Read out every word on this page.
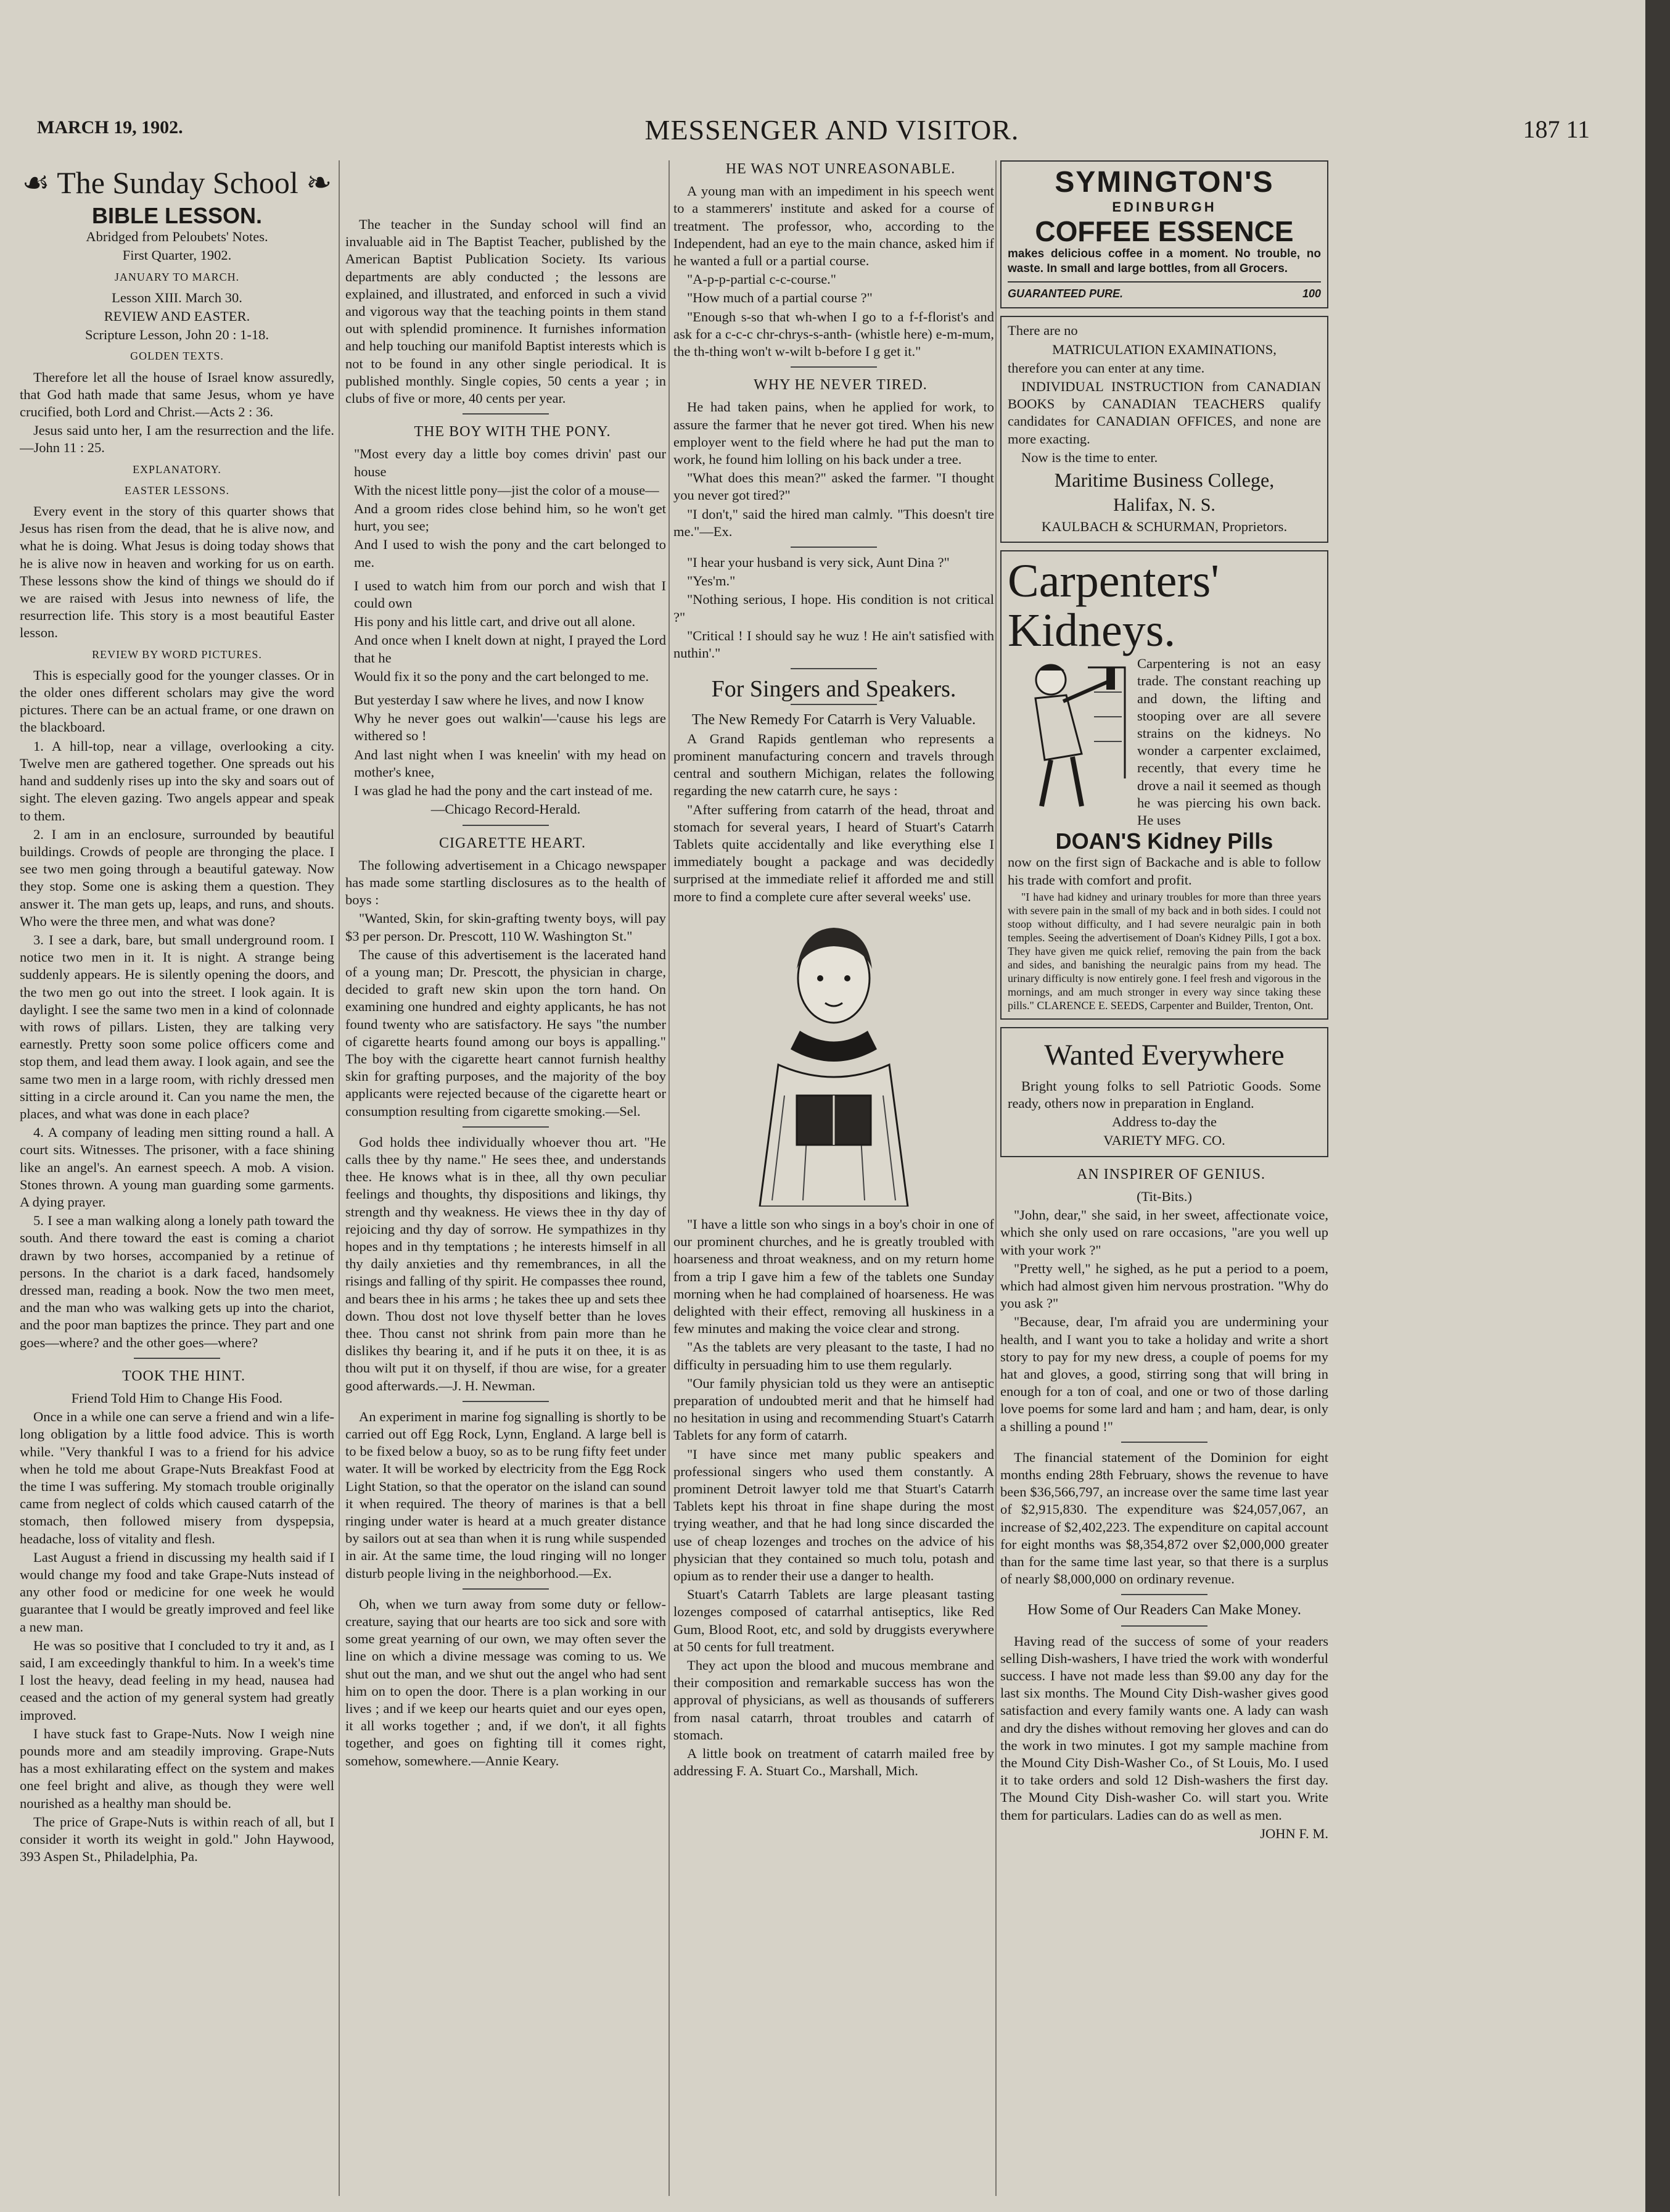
MARCH 19, 1902.	MESSENGER AND VISITOR.	187 11
☙ The Sunday School ❧
BIBLE LESSON.

Abridged from Peloubets' Notes.

First Quarter, 1902.

JANUARY TO MARCH.

Lesson XIII. March 30.

REVIEW AND EASTER.

Scripture Lesson, John 20 : 1-18.

GOLDEN TEXTS.

Therefore let all the house of Israel know assuredly, that God hath made that same Jesus, whom ye have crucified, both Lord and Christ.—Acts 2 : 36.

Jesus said unto her, I am the resurrection and the life.—John 11 : 25.

EXPLANATORY.

EASTER LESSONS.

Every event in the story of this quarter shows that Jesus has risen from the dead, that he is alive now, and what he is doing. What Jesus is doing today shows that he is alive now in heaven and working for us on earth. These lessons show the kind of things we should do if we are raised with Jesus into newness of life, the resurrection life. This story is a most beautiful Easter lesson.

REVIEW BY WORD PICTURES.

This is especially good for the younger classes. Or in the older ones different scholars may give the word pictures. There can be an actual frame, or one drawn on the blackboard.

1. A hill-top, near a village, overlooking a city. Twelve men are gathered together. One spreads out his hand and suddenly rises up into the sky and soars out of sight. The eleven gazing. Two angels appear and speak to them.

2. I am in an enclosure, surrounded by beautiful buildings. Crowds of people are thronging the place. I see two men going through a beautiful gateway. Now they stop. Some one is asking them a question. They answer it. The man gets up, leaps, and runs, and shouts. Who were the three men, and what was done?

3. I see a dark, bare, but small underground room. I notice two men in it. It is night. A strange being suddenly appears. He is silently opening the doors, and the two men go out into the street. I look again. It is daylight. I see the same two men in a kind of colonnade with rows of pillars. Listen, they are talking very earnestly. Pretty soon some police officers come and stop them, and lead them away. I look again, and see the same two men in a large room, with richly dressed men sitting in a circle around it. Can you name the men, the places, and what was done in each place?

4. A company of leading men sitting round a hall. A court sits. Witnesses. The prisoner, with a face shining like an angel's. An earnest speech. A mob. A vision. Stones thrown. A young man guarding some garments. A dying prayer.

5. I see a man walking along a lonely path toward the south. And there toward the east is coming a chariot drawn by two horses, accompanied by a retinue of persons. In the chariot is a dark faced, handsomely dressed man, reading a book. Now the two men meet, and the man who was walking gets up into the chariot, and the poor man baptizes the prince. They part and one goes—where? and the other goes—where?

TOOK THE HINT.

Friend Told Him to Change His Food.

Once in a while one can serve a friend and win a life-long obligation by a little food advice. This is worth while. "Very thankful I was to a friend for his advice when he told me about Grape-Nuts Breakfast Food at the time I was suffering. My stomach trouble originally came from neglect of colds which caused catarrh of the stomach, then followed misery from dyspepsia, headache, loss of vitality and flesh.

Last August a friend in discussing my health said if I would change my food and take Grape-Nuts instead of any other food or medicine for one week he would guarantee that I would be greatly improved and feel like a new man.

He was so positive that I concluded to try it and, as I said, I am exceedingly thankful to him. In a week's time I lost the heavy, dead feeling in my head, nausea had ceased and the action of my general system had greatly improved.

I have stuck fast to Grape-Nuts. Now I weigh nine pounds more and am steadily improving. Grape-Nuts has a most exhilarating effect on the system and makes one feel bright and alive, as though they were well nourished as a healthy man should be.

The price of Grape-Nuts is within reach of all, but I consider it worth its weight in gold." John Haywood, 393 Aspen St., Philadelphia, Pa.

The teacher in the Sunday school will find an invaluable aid in The Baptist Teacher, published by the American Baptist Publication Society. Its various departments are ably conducted ; the lessons are explained, and illustrated, and enforced in such a vivid and vigorous way that the teaching points in them stand out with splendid prominence. It furnishes information and help touching our manifold Baptist interests which is not to be found in any other single periodical. It is published monthly. Single copies, 50 cents a year ; in clubs of five or more, 40 cents per year.

THE BOY WITH THE PONY.

"Most every day a little boy comes drivin' past our house

With the nicest little pony—jist the color of a mouse—

And a groom rides close behind him, so he won't get hurt, you see;

And I used to wish the pony and the cart belonged to me.

I used to watch him from our porch and wish that I could own

His pony and his little cart, and drive out all alone.

And once when I knelt down at night, I prayed the Lord that he

Would fix it so the pony and the cart belonged to me.

But yesterday I saw where he lives, and now I know

Why he never goes out walkin'—'cause his legs are withered so !

And last night when I was kneelin' with my head on mother's knee,

I was glad he had the pony and the cart instead of me.

—Chicago Record-Herald.

CIGARETTE HEART.

The following advertisement in a Chicago newspaper has made some startling disclosures as to the health of boys :

"Wanted, Skin, for skin-grafting twenty boys, will pay $3 per person. Dr. Prescott, 110 W. Washington St."

The cause of this advertisement is the lacerated hand of a young man; Dr. Prescott, the physician in charge, decided to graft new skin upon the torn hand. On examining one hundred and eighty applicants, he has not found twenty who are satisfactory. He says "the number of cigarette hearts found among our boys is appalling." The boy with the cigarette heart cannot furnish healthy skin for grafting purposes, and the majority of the boy applicants were rejected because of the cigarette heart or consumption resulting from cigarette smoking.—Sel.

God holds thee individually whoever thou art. "He calls thee by thy name." He sees thee, and understands thee. He knows what is in thee, all thy own peculiar feelings and thoughts, thy dispositions and likings, thy strength and thy weakness. He views thee in thy day of rejoicing and thy day of sorrow. He sympathizes in thy hopes and in thy temptations ; he interests himself in all thy daily anxieties and thy remembrances, in all the risings and falling of thy spirit. He compasses thee round, and bears thee in his arms ; he takes thee up and sets thee down. Thou dost not love thyself better than he loves thee. Thou canst not shrink from pain more than he dislikes thy bearing it, and if he puts it on thee, it is as thou wilt put it on thyself, if thou are wise, for a greater good afterwards.—J. H. Newman.

An experiment in marine fog signalling is shortly to be carried out off Egg Rock, Lynn, England. A large bell is to be fixed below a buoy, so as to be rung fifty feet under water. It will be worked by electricity from the Egg Rock Light Station, so that the operator on the island can sound it when required. The theory of marines is that a bell ringing under water is heard at a much greater distance by sailors out at sea than when it is rung while suspended in air. At the same time, the loud ringing will no longer disturb people living in the neighborhood.—Ex.

Oh, when we turn away from some duty or fellow-creature, saying that our hearts are too sick and sore with some great yearning of our own, we may often sever the line on which a divine message was coming to us. We shut out the man, and we shut out the angel who had sent him on to open the door. There is a plan working in our lives ; and if we keep our hearts quiet and our eyes open, it all works together ; and, if we don't, it all fights together, and goes on fighting till it comes right, somehow, somewhere.—Annie Keary.

HE WAS NOT UNREASONABLE.

A young man with an impediment in his speech went to a stammerers' institute and asked for a course of treatment. The professor, who, according to the Independent, had an eye to the main chance, asked him if he wanted a full or a partial course.

"A-p-p-partial c-c-course."

"How much of a partial course ?"

"Enough s-so that wh-when I go to a f-f-florist's and ask for a c-c-c chr-chrys-s-anth- (whistle here) e-m-mum, the th-thing won't w-wilt b-before I g get it."

WHY HE NEVER TIRED.

He had taken pains, when he applied for work, to assure the farmer that he never got tired. When his new employer went to the field where he had put the man to work, he found him lolling on his back under a tree.

"What does this mean?" asked the farmer. "I thought you never got tired?"

"I don't," said the hired man calmly. "This doesn't tire me."—Ex.

"I hear your husband is very sick, Aunt Dina ?"

"Yes'm."

"Nothing serious, I hope. His condition is not critical ?"

"Critical ! I should say he wuz ! He ain't satisfied with nuthin'."

For Singers and Speakers.

The New Remedy For Catarrh is Very Valuable.

A Grand Rapids gentleman who represents a prominent manufacturing concern and travels through central and southern Michigan, relates the following regarding the new catarrh cure, he says :

"After suffering from catarrh of the head, throat and stomach for several years, I heard of Stuart's Catarrh Tablets quite accidentally and like everything else I immediately bought a package and was decidedly surprised at the immediate relief it afforded me and still more to find a complete cure after several weeks' use.

"I have a little son who sings in a boy's choir in one of our prominent churches, and he is greatly troubled with hoarseness and throat weakness, and on my return home from a trip I gave him a few of the tablets one Sunday morning when he had complained of hoarseness. He was delighted with their effect, removing all huskiness in a few minutes and making the voice clear and strong.

"As the tablets are very pleasant to the taste, I had no difficulty in persuading him to use them regularly.

"Our family physician told us they were an antiseptic preparation of undoubted merit and that he himself had no hesitation in using and recommending Stuart's Catarrh Tablets for any form of catarrh.

"I have since met many public speakers and professional singers who used them constantly. A prominent Detroit lawyer told me that Stuart's Catarrh Tablets kept his throat in fine shape during the most trying weather, and that he had long since discarded the use of cheap lozenges and troches on the advice of his physician that they contained so much tolu, potash and opium as to render their use a danger to health.

Stuart's Catarrh Tablets are large pleasant tasting lozenges composed of catarrhal antiseptics, like Red Gum, Blood Root, etc, and sold by druggists everywhere at 50 cents for full treatment.

They act upon the blood and mucous membrane and their composition and remarkable success has won the approval of physicians, as well as thousands of sufferers from nasal catarrh, throat troubles and catarrh of stomach.

A little book on treatment of catarrh mailed free by addressing F. A. Stuart Co., Marshall, Mich.

SYMINGTON'S
EDINBURGH
COFFEE ESSENCE
makes delicious coffee in a moment. No trouble, no waste. In small and large bottles, from all Grocers.
GUARANTEED PURE.	100

There are no

MATRICULATION EXAMINATIONS,

therefore you can enter at any time.

INDIVIDUAL INSTRUCTION from CANADIAN BOOKS by CANADIAN TEACHERS qualify candidates for CANADIAN OFFICES, and none are more exacting.

Now is the time to enter.

Maritime Business College,

Halifax, N. S.

KAULBACH & SCHURMAN, Proprietors.

Carpenters'
Kidneys.

Carpentering is not an easy trade. The constant reaching up and down, the lifting and stooping over are all severe strains on the kidneys. No wonder a carpenter exclaimed, recently, that every time he drove a nail it seemed as though he was piercing his own back. He uses

DOAN'S Kidney Pills

now on the first sign of Backache and is able to follow his trade with comfort and profit.

"I have had kidney and urinary troubles for more than three years with severe pain in the small of my back and in both sides. I could not stoop without difficulty, and I had severe neuralgic pain in both temples. Seeing the advertisement of Doan's Kidney Pills, I got a box. They have given me quick relief, removing the pain from the back and sides, and banishing the neuralgic pains from my head. The urinary difficulty is now entirely gone. I feel fresh and vigorous in the mornings, and am much stronger in every way since taking these pills." CLARENCE E. SEEDS, Carpenter and Builder, Trenton, Ont.

Wanted Everywhere

Bright young folks to sell Patriotic Goods. Some ready, others now in preparation in England.

Address to-day the

VARIETY MFG. CO.

AN INSPIRER OF GENIUS.

(Tit-Bits.)

"John, dear," she said, in her sweet, affectionate voice, which she only used on rare occasions, "are you well up with your work ?"

"Pretty well," he sighed, as he put a period to a poem, which had almost given him nervous prostration. "Why do you ask ?"

"Because, dear, I'm afraid you are undermining your health, and I want you to take a holiday and write a short story to pay for my new dress, a couple of poems for my hat and gloves, a good, stirring song that will bring in enough for a ton of coal, and one or two of those darling love poems for some lard and ham ; and ham, dear, is only a shilling a pound !"

The financial statement of the Dominion for eight months ending 28th February, shows the revenue to have been $36,566,797, an increase over the same time last year of $2,915,830. The expenditure was $24,057,067, an increase of $2,402,223. The expenditure on capital account for eight months was $8,354,872 over $2,000,000 greater than for the same time last year, so that there is a surplus of nearly $8,000,000 on ordinary revenue.

How Some of Our Readers Can Make Money.

Having read of the success of some of your readers selling Dish-washers, I have tried the work with wonderful success. I have not made less than $9.00 any day for the last six months. The Mound City Dish-washer gives good satisfaction and every family wants one. A lady can wash and dry the dishes without removing her gloves and can do the work in two minutes. I got my sample machine from the Mound City Dish-Washer Co., of St Louis, Mo. I used it to take orders and sold 12 Dish-washers the first day. The Mound City Dish-washer Co. will start you. Write them for particulars. Ladies can do as well as men.

JOHN F. M.
